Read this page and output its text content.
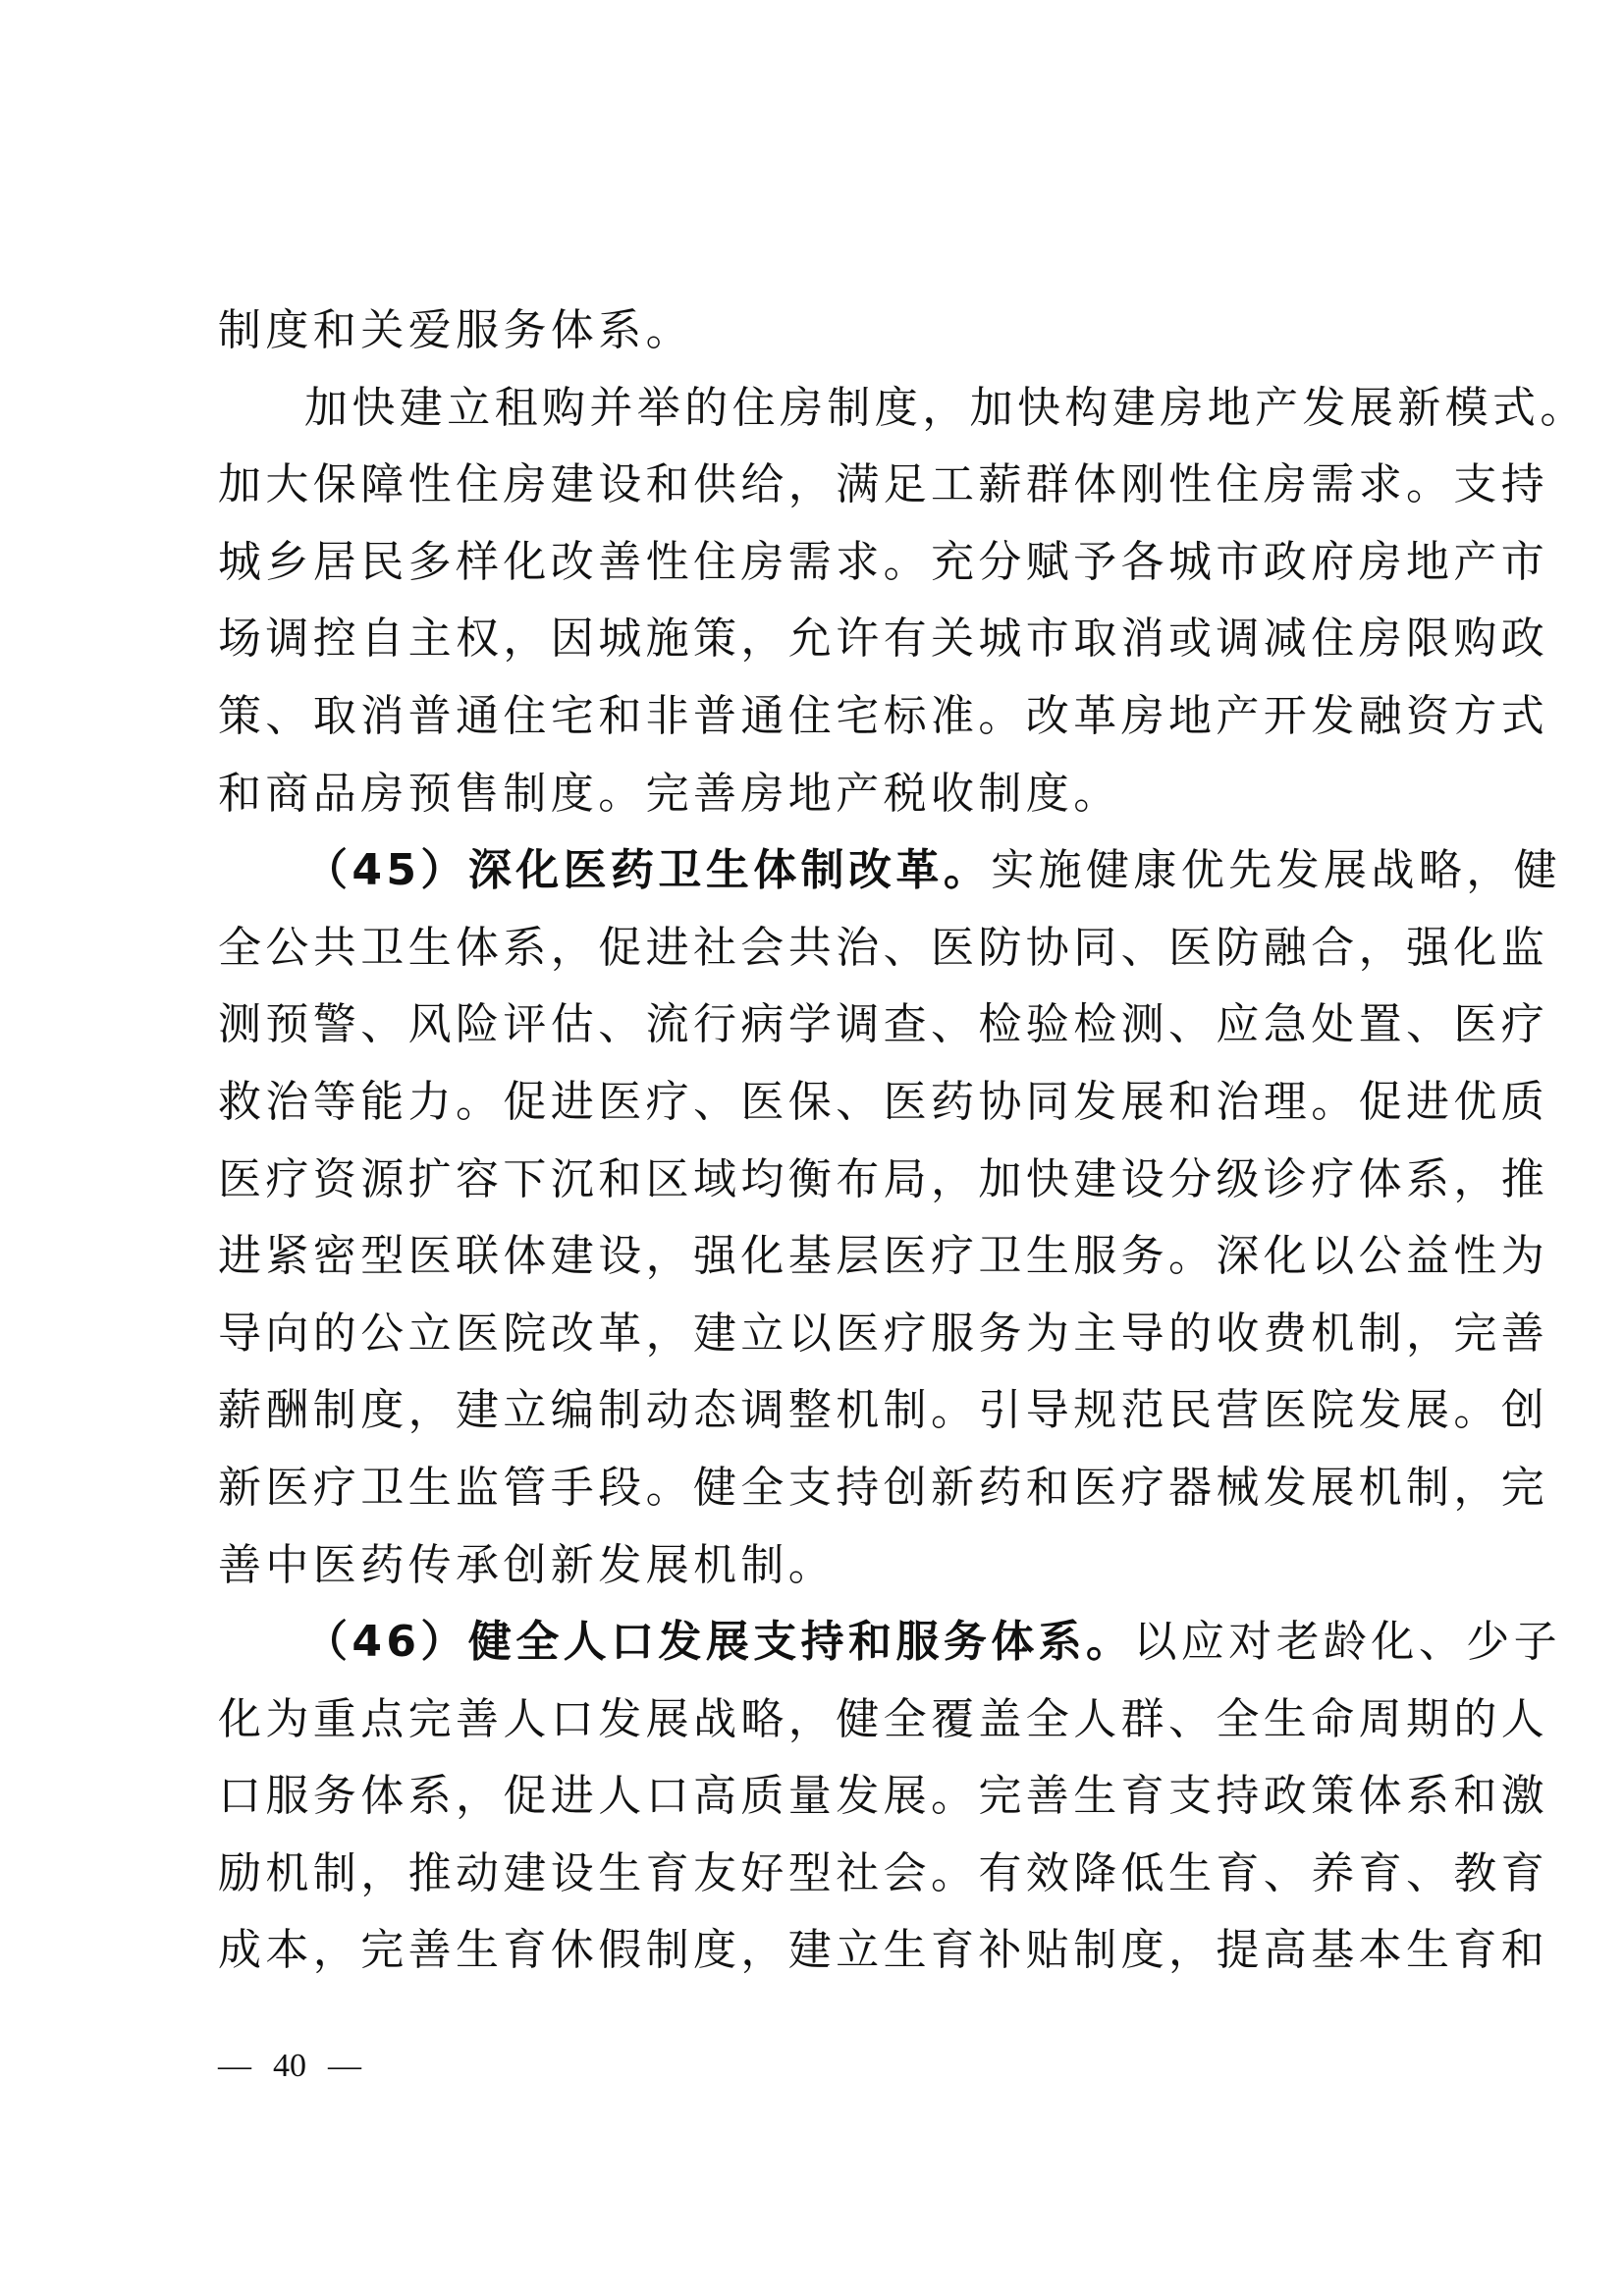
制度和关爱服务体系。
加快建立租购并举的住房制度，加快构建房地产发展新模式。
加大保障性住房建设和供给，满足工薪群体刚性住房需求。支持
城乡居民多样化改善性住房需求。充分赋予各城市政府房地产市
场调控自主权，因城施策，允许有关城市取消或调减住房限购政
策、取消普通住宅和非普通住宅标准。改革房地产开发融资方式
和商品房预售制度。完善房地产税收制度。
（45）深化医药卫生体制改革。实施健康优先发展战略，健
全公共卫生体系，促进社会共治、医防协同、医防融合，强化监
测预警、风险评估、流行病学调查、检验检测、应急处置、医疗
救治等能力。促进医疗、医保、医药协同发展和治理。促进优质
医疗资源扩容下沉和区域均衡布局，加快建设分级诊疗体系，推
进紧密型医联体建设，强化基层医疗卫生服务。深化以公益性为
导向的公立医院改革，建立以医疗服务为主导的收费机制，完善
薪酬制度，建立编制动态调整机制。引导规范民营医院发展。创
新医疗卫生监管手段。健全支持创新药和医疗器械发展机制，完
善中医药传承创新发展机制。
（46）健全人口发展支持和服务体系。以应对老龄化、少子
化为重点完善人口发展战略，健全覆盖全人群、全生命周期的人
口服务体系，促进人口高质量发展。完善生育支持政策体系和激
励机制，推动建设生育友好型社会。有效降低生育、养育、教育
成本，完善生育休假制度，建立生育补贴制度，提高基本生育和
— 40 —
